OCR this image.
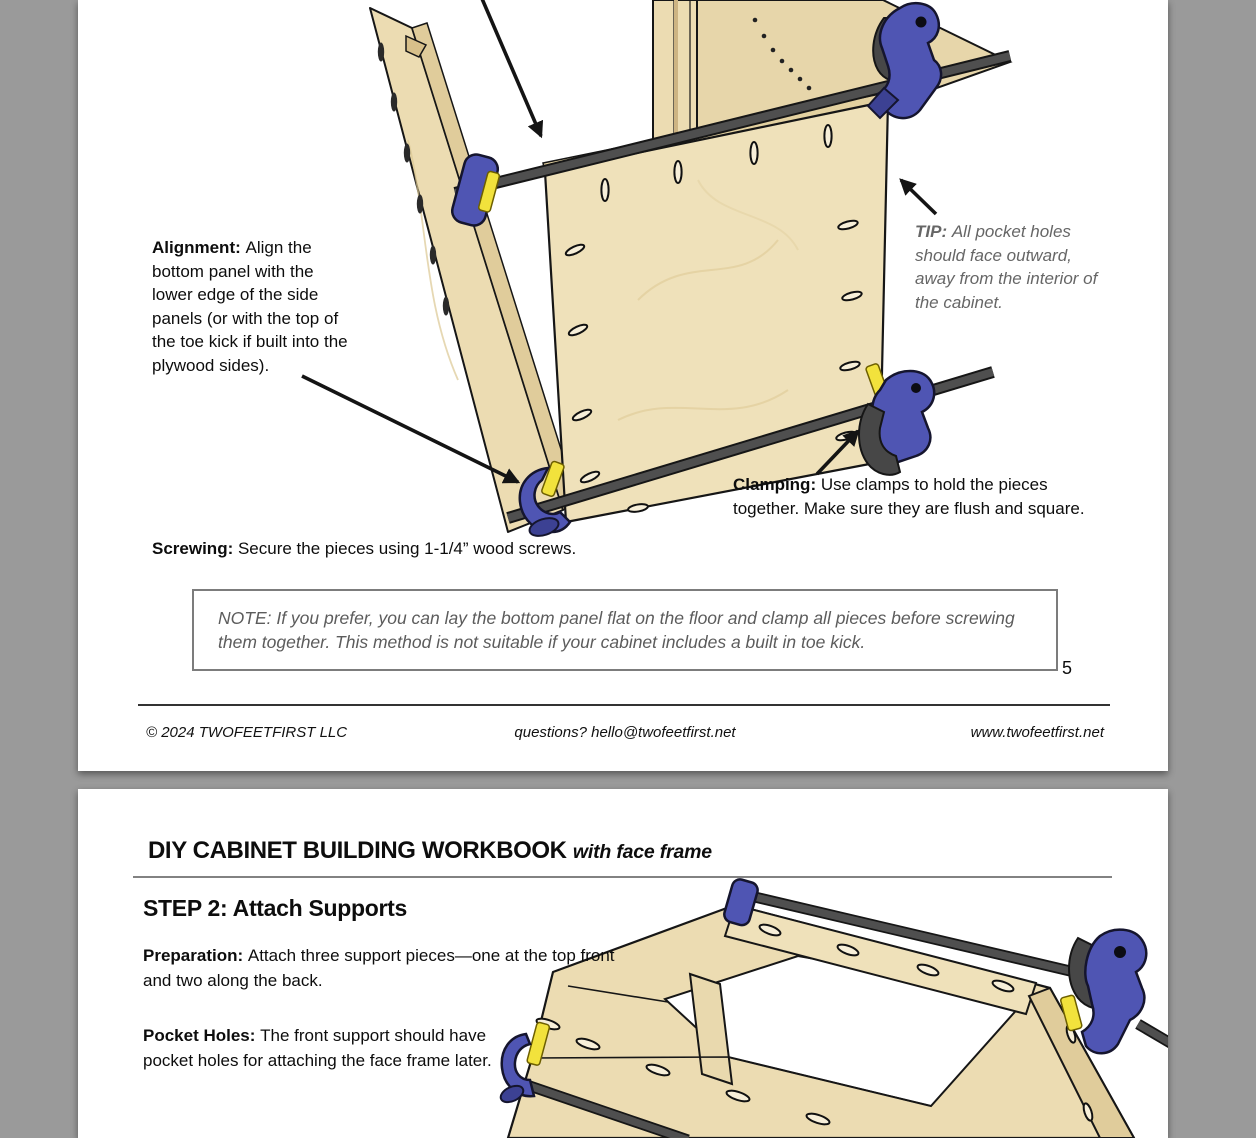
Alignment: Align the bottom panel with the lower edge of the side panels (or with the top of the toe kick if built into the plywood sides).
TIP: All pocket holes should face outward, away from the interior of the cabinet.
Clamping: Use clamps to hold the pieces together. Make sure they are flush and square.
Screwing: Secure the pieces using 1-1/4” wood screws.
NOTE: If you prefer, you can lay the bottom panel flat on the floor and clamp all pieces before screwing them together. This method is not suitable if your cabinet includes a built in toe kick.
5
© 2024 TWOFEETFIRST LLC	questions? hello@twofeetfirst.net	www.twofeetfirst.net
DIY CABINET BUILDING WORKBOOK with face frame
STEP 2: Attach Supports
Preparation: Attach three support pieces—one at the top front and two along the back.
Pocket Holes: The front support should have pocket holes for attaching the face frame later.
